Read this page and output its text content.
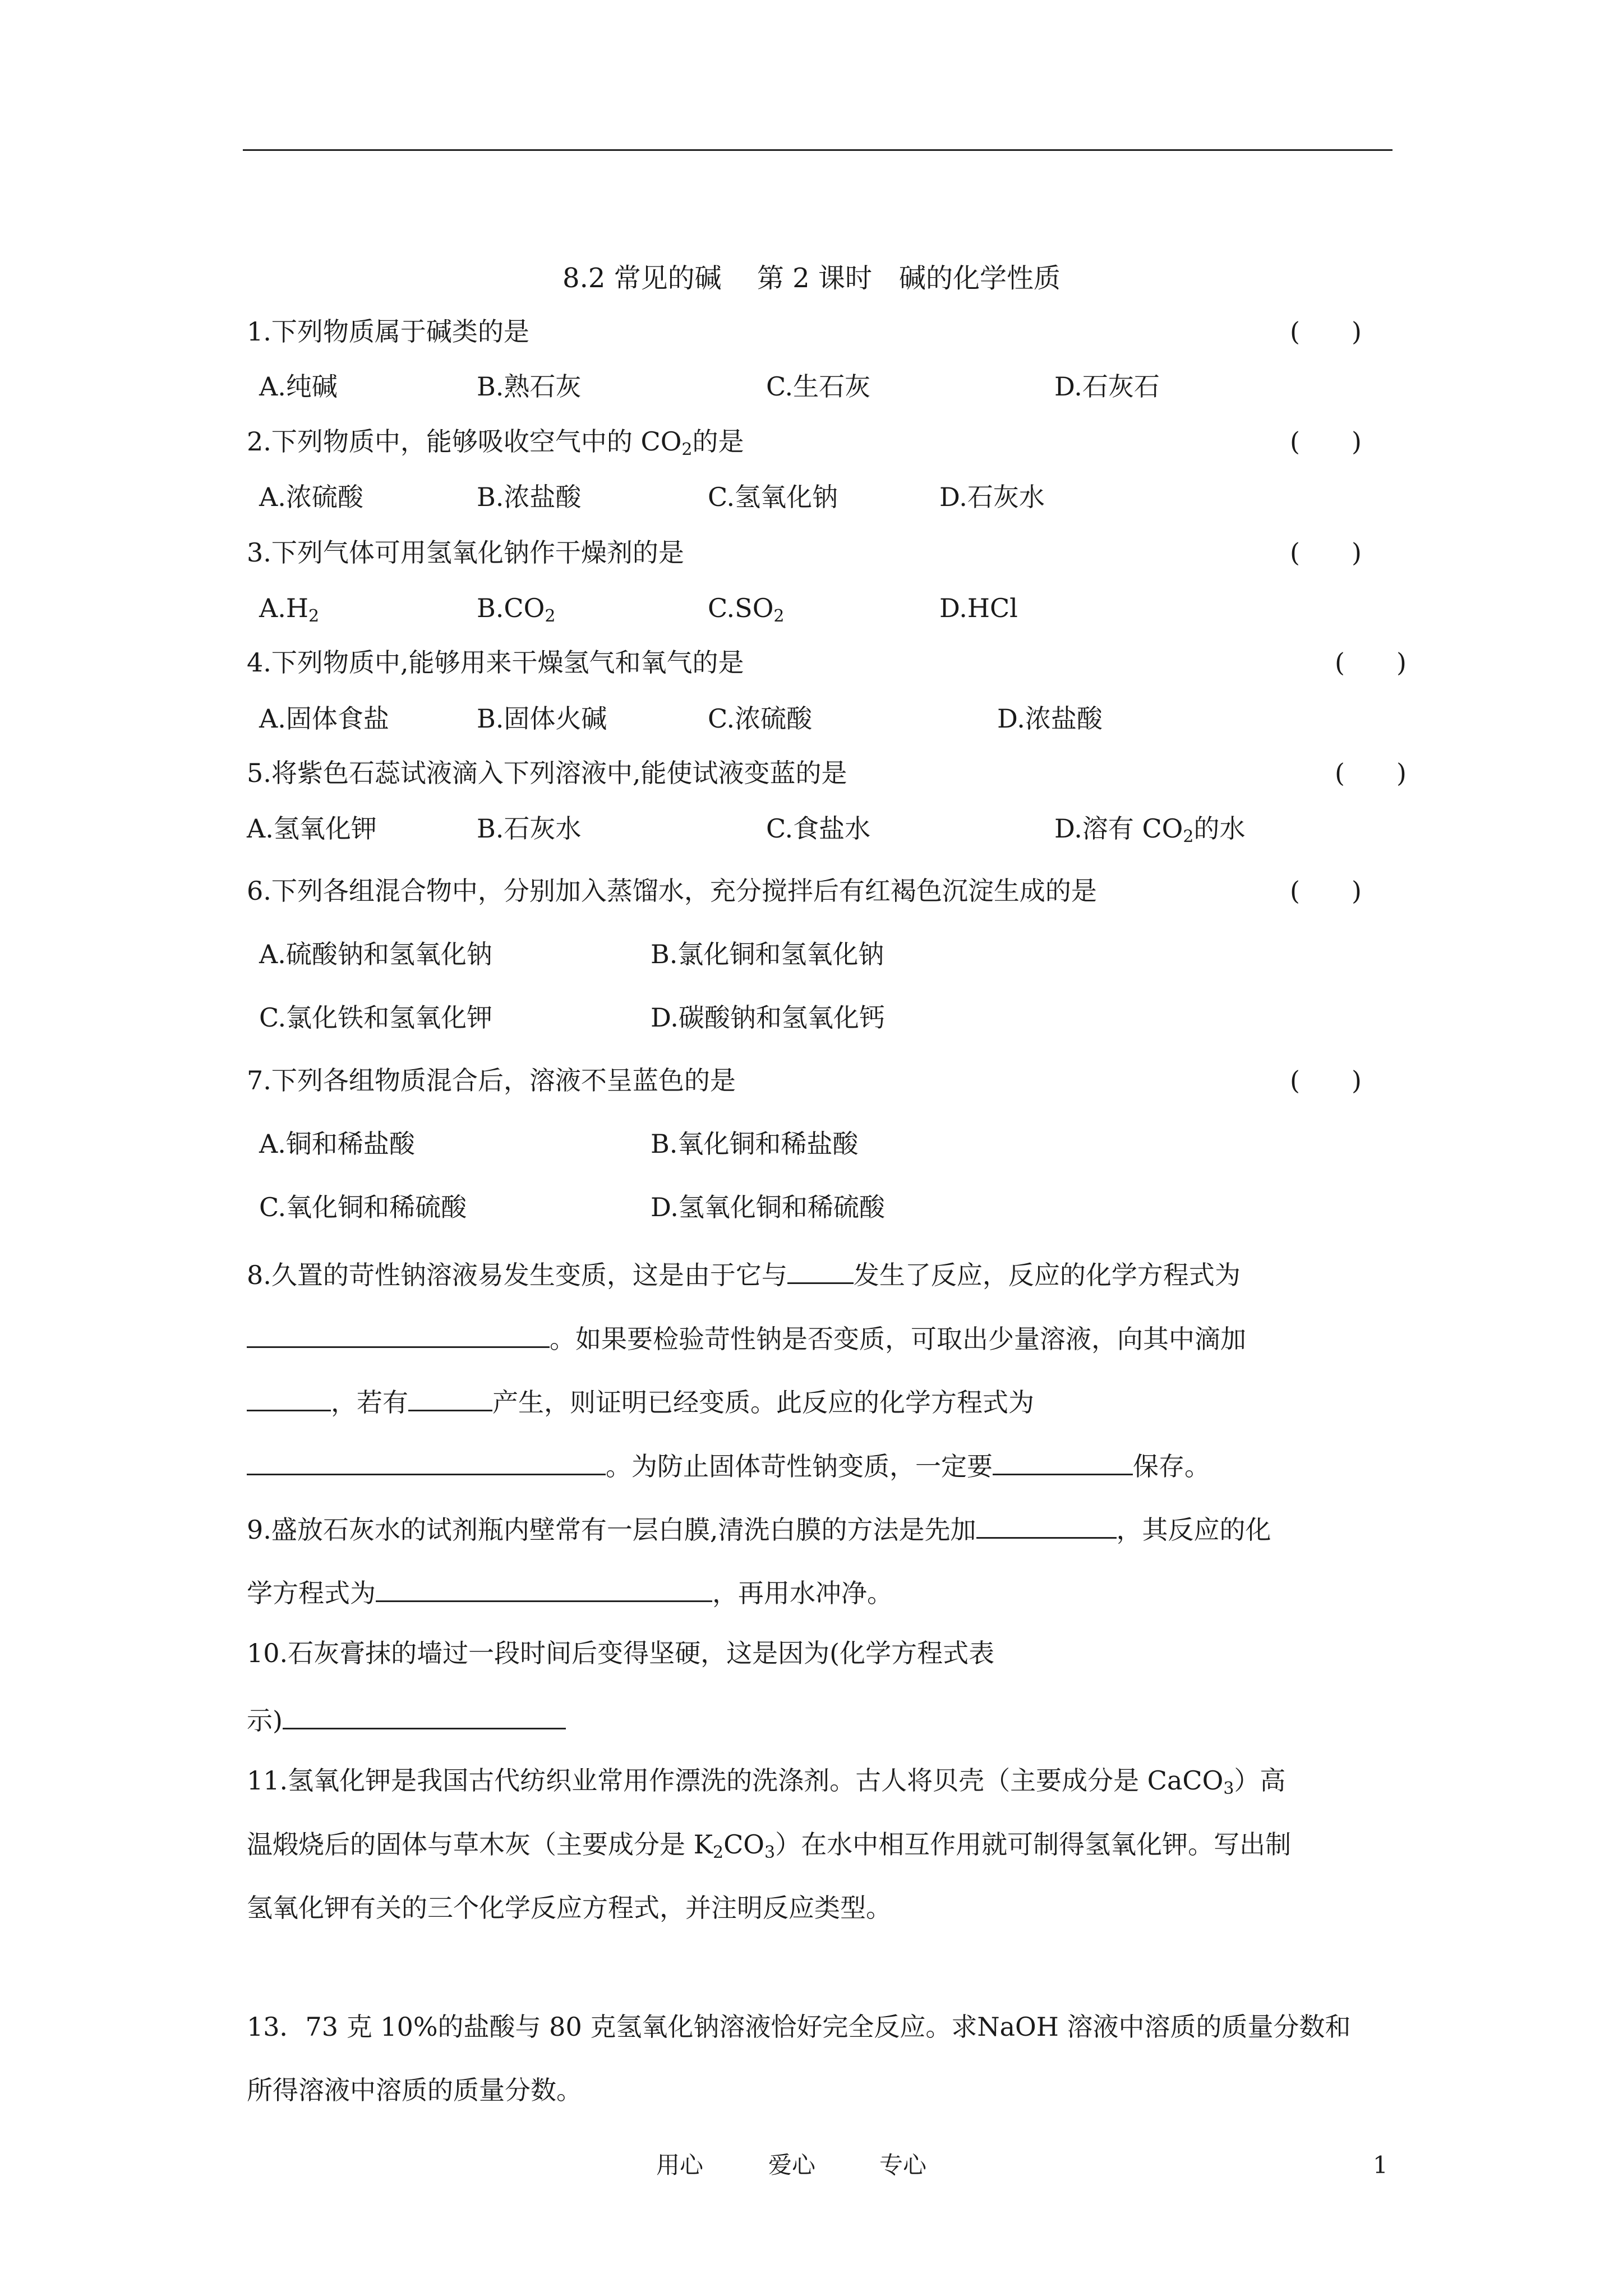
8.2 常见的碱　 第 2 课时　碱的化学性质
1.下列物质属于碱类的是	(　　)
A.纯碱	B.熟石灰	C.生石灰	D.石灰石
2.下列物质中，能够吸收空气中的 $CO_2$的是	(　　)
A.浓硫酸	B.浓盐酸	C.氢氧化钠	D.石灰水
3.下列气体可用氢氧化钠作干燥剂的是	(　　)
$A.H_2$	$B.CO_2$	$C.SO_2$	D.HCl
4.下列物质中,能够用来干燥氢气和氧气的是	(　　)
A.固体食盐	B.固体火碱	C.浓硫酸	D.浓盐酸
5.将紫色石蕊试液滴入下列溶液中,能使试液变蓝的是	(　　)
A.氢氧化钾	B.石灰水	C.食盐水	D.溶有 $CO_2$的水
6.下列各组混合物中，分别加入蒸馏水，充分搅拌后有红褐色沉淀生成的是	(　　)
A.硫酸钠和氢氧化钠	B.氯化铜和氢氧化钠
C.氯化铁和氢氧化钾	D.碳酸钠和氢氧化钙
7.下列各组物质混合后，溶液不呈蓝色的是	(　　)
A.铜和稀盐酸	B.氧化铜和稀盐酸
C.氧化铜和稀硫酸	D.氢氧化铜和稀硫酸
8.久置的苛性钠溶液易发生变质，这是由于它与	发生了反应，反应的化学方程式为
。如果要检验苛性钠是否变质，可取出少量溶液，向其中滴加
，若有	产生，则证明已经变质。此反应的化学方程式为
。为防止固体苛性钠变质，一定要	保存。
9.盛放石灰水的试剂瓶内壁常有一层白膜,清洗白膜的方法是先加	，其反应的化
学方程式为	，再用水冲净。
10.石灰膏抹的墙过一段时间后变得坚硬，这是因为(化学方程式表
示)
11.氢氧化钾是我国古代纺织业常用作漂洗的洗涤剂。古人将贝壳（主要成分是 CaCO$_3$）高
温煅烧后的固体与草木灰（主要成分是 $K_2CO_3$）在水中相互作用就可制得氢氧化钾。写出制
氢氧化钾有关的三个化学反应方程式，并注明反应类型。
13．73 克 10%的盐酸与 80 克氢氧化钠溶液恰好完全反应。求NaOH 溶液中溶质的质量分数和
所得溶液中溶质的质量分数。
用心	爱心	专心	1
